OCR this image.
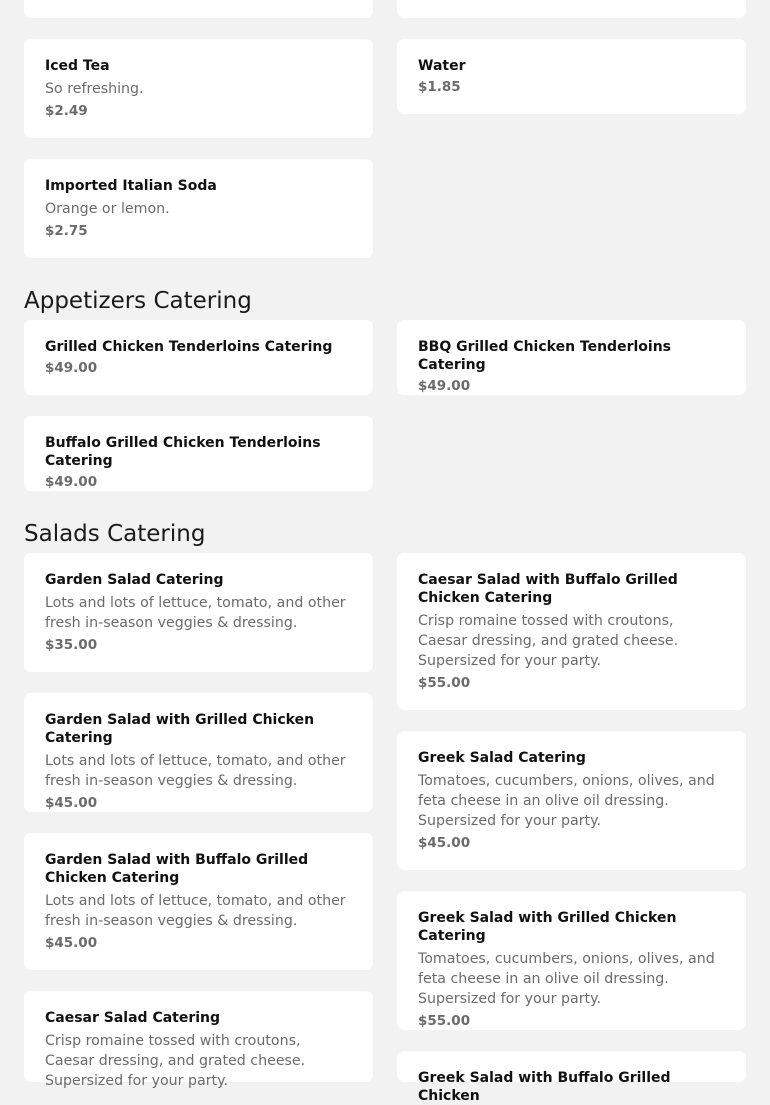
Iced Tea
So refreshing.
$2.49
Water
$1.85
Imported Italian Soda
Orange or lemon.
$2.75
Appetizers Catering
Grilled Chicken Tenderloins Catering
$49.00
BBQ Grilled Chicken Tenderloins Catering
$49.00
Buffalo Grilled Chicken Tenderloins Catering
$49.00
Salads Catering
Garden Salad Catering
Lots and lots of lettuce, tomato, and other fresh in-season veggies & dressing.
$35.00
Caesar Salad with Buffalo Grilled Chicken Catering
Crisp romaine tossed with croutons, Caesar dressing, and grated cheese. Supersized for your party.
$55.00
Garden Salad with Grilled Chicken Catering
Lots and lots of lettuce, tomato, and other fresh in-season veggies & dressing.
$45.00
Greek Salad Catering
Tomatoes, cucumbers, onions, olives, and feta cheese in an olive oil dressing. Supersized for your party.
$45.00
Garden Salad with Buffalo Grilled Chicken Catering
Lots and lots of lettuce, tomato, and other fresh in-season veggies & dressing.
$45.00
Greek Salad with Grilled Chicken Catering
Tomatoes, cucumbers, onions, olives, and feta cheese in an olive oil dressing. Supersized for your party.
$55.00
Caesar Salad Catering
Crisp romaine tossed with croutons, Caesar dressing, and grated cheese. Supersized for your party.	Greek Salad with Buffalo Grilled Chicken
